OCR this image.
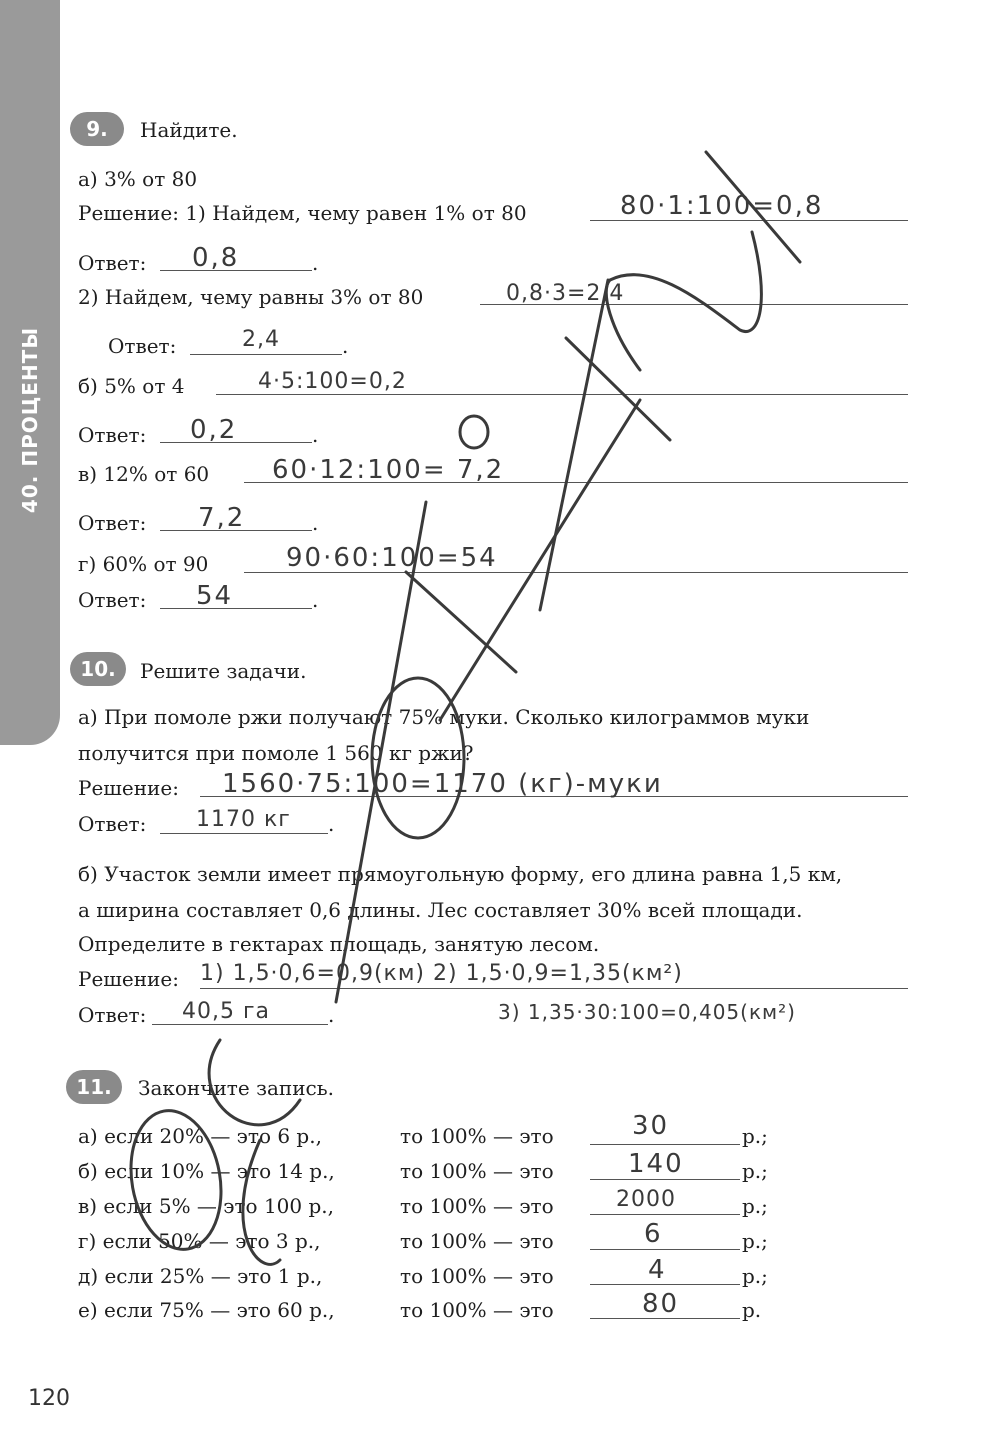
40. ПРОЦЕНТЫ
9.	Найдите.
а) 3% от 80
Решение: 1) Найдем, чему равен 1% от 80	80·1:100=0,8
Ответ:	.
0,8
2) Найдем, чему равны 3% от 80	0,8·3=2,4
Ответ:	.
2,4
б) 5% от 4	4·5:100=0,2
Ответ:	.
0,2
в) 12% от 60 60·12:100= 7,2
Ответ:	.
7,2
г) 60% от 90	90·60:100=54
Ответ:	.
54
10.	Решите задачи.
а) При помоле ржи получают 75% муки. Сколько килограммов муки
получится при помоле 1 560 кг ржи?
Решение: 1560·75:100=1170 (кг)-муки
Ответ:	.
1170 кг
б) Участок земли имеет прямоугольную форму, его длина равна 1,5 км,
а ширина составляет 0,6 длины. Лес составляет 30% всей площади.
Определите в гектарах площадь, занятую лесом.
Решение: 1) 1,5·0,6=0,9(км) 2) 1,5·0,9=1,35(км²)
Ответ:	.
40,5 га	3) 1,35·30:100=0,405(км²)
11.	Закончите запись.
а) если 20% — это 6 р.,	то 100% — это	30	р.;
б) если 10% — это 14 р.,	то 100% — это	140	р.;
в) если 5% — это 100 р.,	то 100% — это	2000	р.;
г) если 50% — это 3 р.,	то 100% — это	6	р.;
д) если 25% — это 1 р.,	то 100% — это	4	р.;
е) если 75% — это 60 р.,	то 100% — это	80	р.
120
